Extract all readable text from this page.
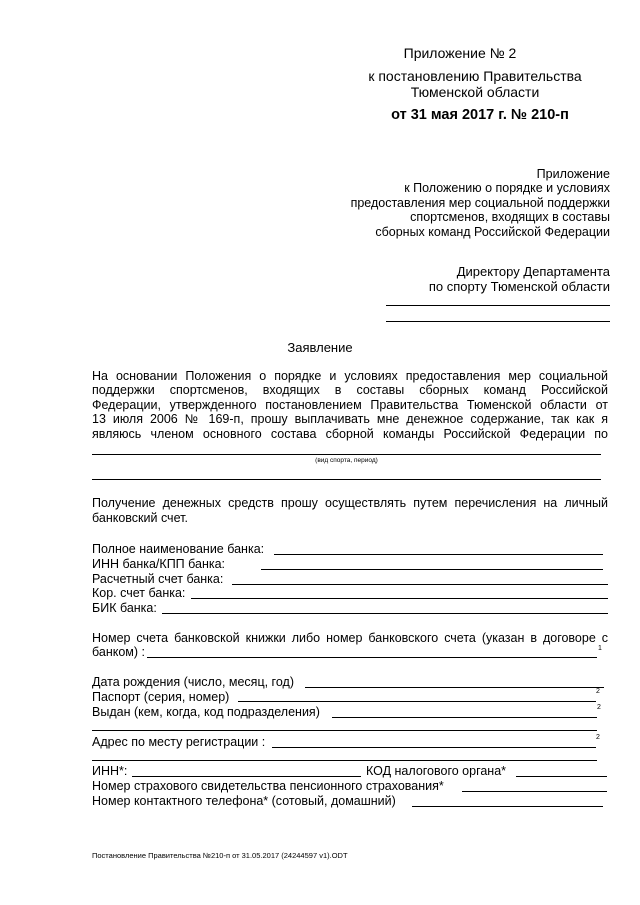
Приложение № 2
к постановлению Правительства
Тюменской области
от 31 мая 2017 г. № 210-п
Приложение
к Положению о порядке и условиях
предоставления мер социальной поддержки
спортсменов, входящих в составы
сборных команд Российской Федерации
Директору Департамента
по спорту Тюменской области
Заявление
На основании Положения о порядке и условиях предоставления мер социальной
поддержки спортсменов, входящих в составы сборных команд Российской
Федерации, утвержденного постановлением Правительства Тюменской области от
13 июля 2006 № 169-п, прошу выплачивать мне денежное содержание, так как я
являюсь членом основного состава сборной команды Российской Федерации по
(вид спорта, период)
Получение денежных средств прошу осуществлять путем перечисления на личный
банковский счет.
Полное наименование банка:
ИНН банка/КПП банка:
Расчетный счет банка:
Кор. счет банка:
БИК банка:
Номер счета банковской книжки либо номер банковского счета (указан в договоре с
банком) :	1
Дата рождения (число, месяц, год)
Паспорт (серия, номер)	2
Выдан (кем, когда, код подразделения)	2
Адрес по месту регистрации :	2
ИНН*:	КОД налогового органа*
Номер страхового свидетельства пенсионного страхования*
Номер контактного телефона* (сотовый, домашний)
Постановление Правительства №210-п от 31.05.2017 (24244597 v1).ODT
